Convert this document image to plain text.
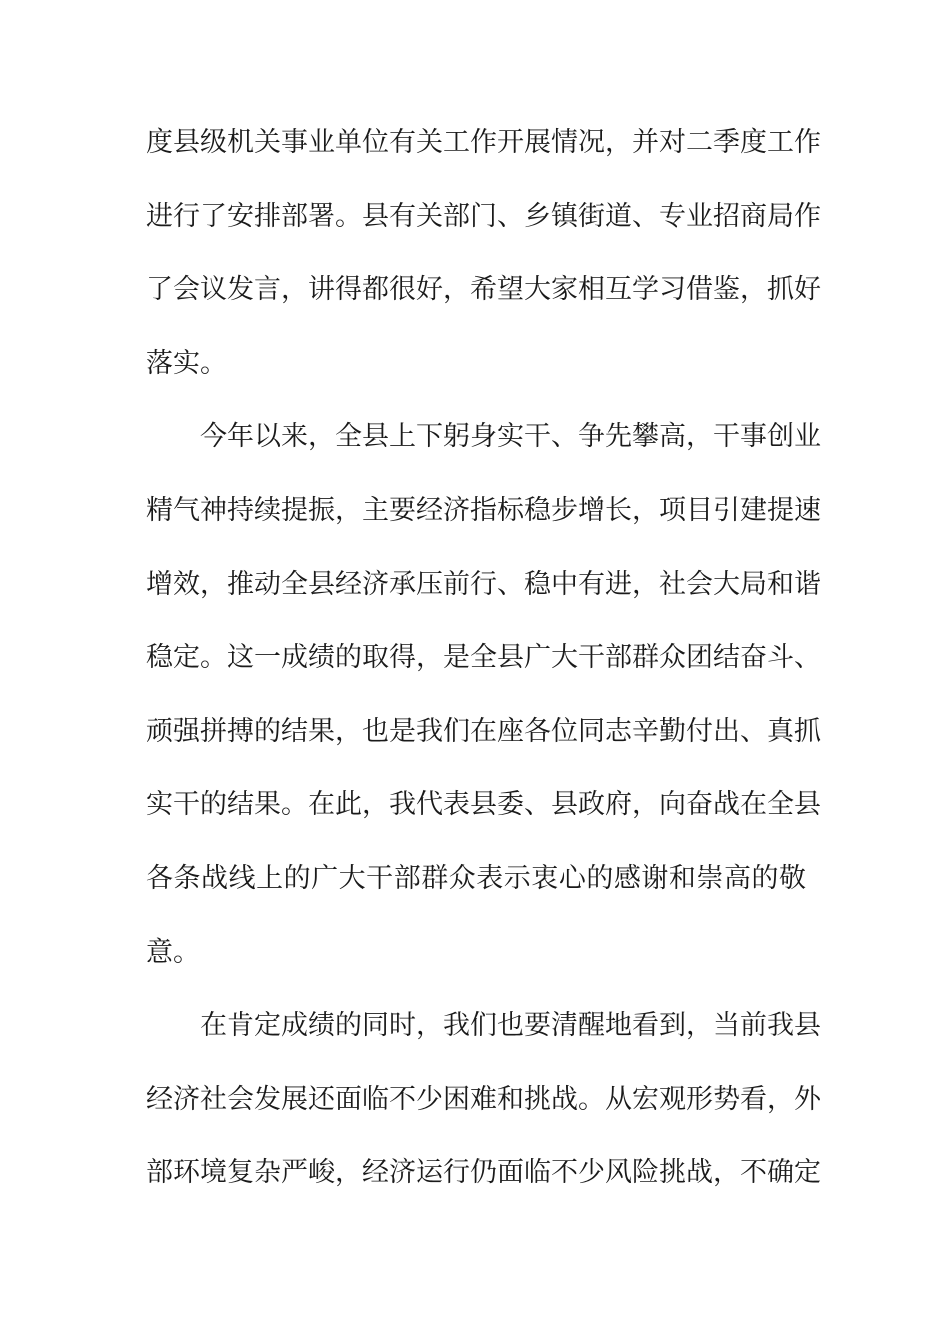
度县级机关事业单位有关工作开展情况，并对二季度工作
进行了安排部署。县有关部门、乡镇街道、专业招商局作
了会议发言，讲得都很好，希望大家相互学习借鉴，抓好
落实。
今年以来，全县上下躬身实干、争先攀高，干事创业
精气神持续提振，主要经济指标稳步增长，项目引建提速
增效，推动全县经济承压前行、稳中有进，社会大局和谐
稳定。这一成绩的取得，是全县广大干部群众团结奋斗、
顽强拼搏的结果，也是我们在座各位同志辛勤付出、真抓
实干的结果。在此，我代表县委、县政府，向奋战在全县
各条战线上的广大干部群众表示衷心的感谢和崇高的敬
意。
在肯定成绩的同时，我们也要清醒地看到，当前我县
经济社会发展还面临不少困难和挑战。从宏观形势看，外
部环境复杂严峻，经济运行仍面临不少风险挑战，不确定
